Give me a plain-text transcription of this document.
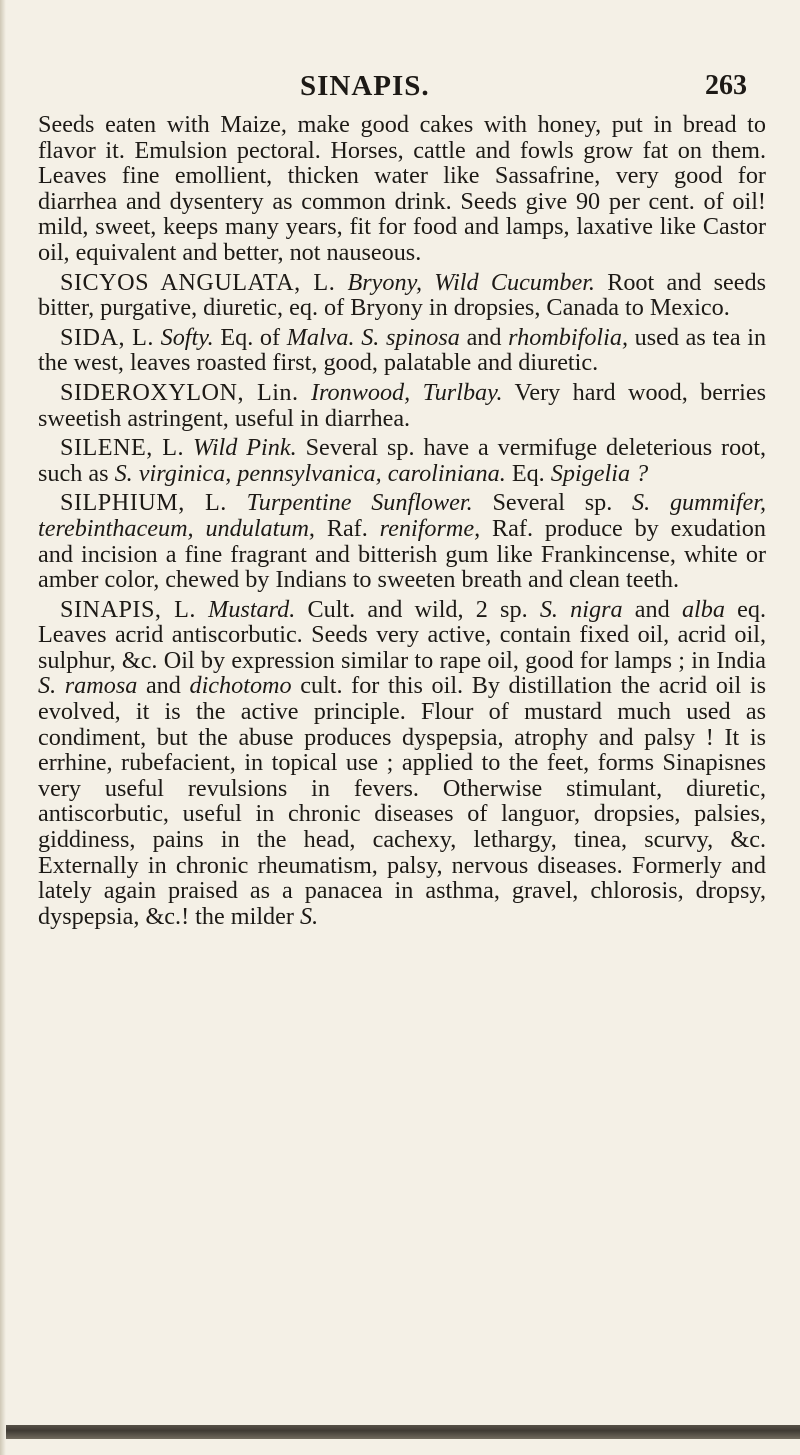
SINAPIS.	263

Seeds eaten with Maize, make good cakes with honey, put in bread to flavor it. Emulsion pectoral. Horses, cattle and fowls grow fat on them. Leaves fine emollient, thicken water like Sassafrine, very good for diarrhea and dysentery as common drink. Seeds give 90 per cent. of oil! mild, sweet, keeps many years, fit for food and lamps, laxative like Castor oil, equivalent and better, not nauseous.

SICYOS ANGULATA, L. Bryony, Wild Cucumber. Root and seeds bitter, purgative, diuretic, eq. of Bryony in dropsies, Canada to Mexico.

SIDA, L. Softy. Eq. of Malva. S. spinosa and rhombifolia, used as tea in the west, leaves roasted first, good, palatable and diuretic.

SIDEROXYLON, Lin. Ironwood, Turlbay. Very hard wood, berries sweetish astringent, useful in diarrhea.

SILENE, L. Wild Pink. Several sp. have a vermifuge deleterious root, such as S. virginica, pennsylvanica, caroliniana. Eq. Spigelia ?

SILPHIUM, L. Turpentine Sunflower. Several sp. S. gummifer, terebinthaceum, undulatum, Raf. reniforme, Raf. produce by exudation and incision a fine fragrant and bitterish gum like Frankincense, white or amber color, chewed by Indians to sweeten breath and clean teeth.

SINAPIS, L. Mustard. Cult. and wild, 2 sp. S. nigra and alba eq. Leaves acrid antiscorbutic. Seeds very active, contain fixed oil, acrid oil, sulphur, &c. Oil by expression similar to rape oil, good for lamps ; in India S. ramosa and dichotomo cult. for this oil. By distillation the acrid oil is evolved, it is the active principle. Flour of mustard much used as condiment, but the abuse produces dyspepsia, atrophy and palsy ! It is errhine, rubefacient, in topical use ; applied to the feet, forms Sinapisnes very useful revulsions in fevers. Otherwise stimulant, diuretic, antiscorbutic, useful in chronic diseases of languor, dropsies, palsies, giddiness, pains in the head, cachexy, lethargy, tinea, scurvy, &c. Externally in chronic rheumatism, palsy, nervous diseases. Formerly and lately again praised as a panacea in asthma, gravel, chlorosis, dropsy, dyspepsia, &c.! the milder S.
